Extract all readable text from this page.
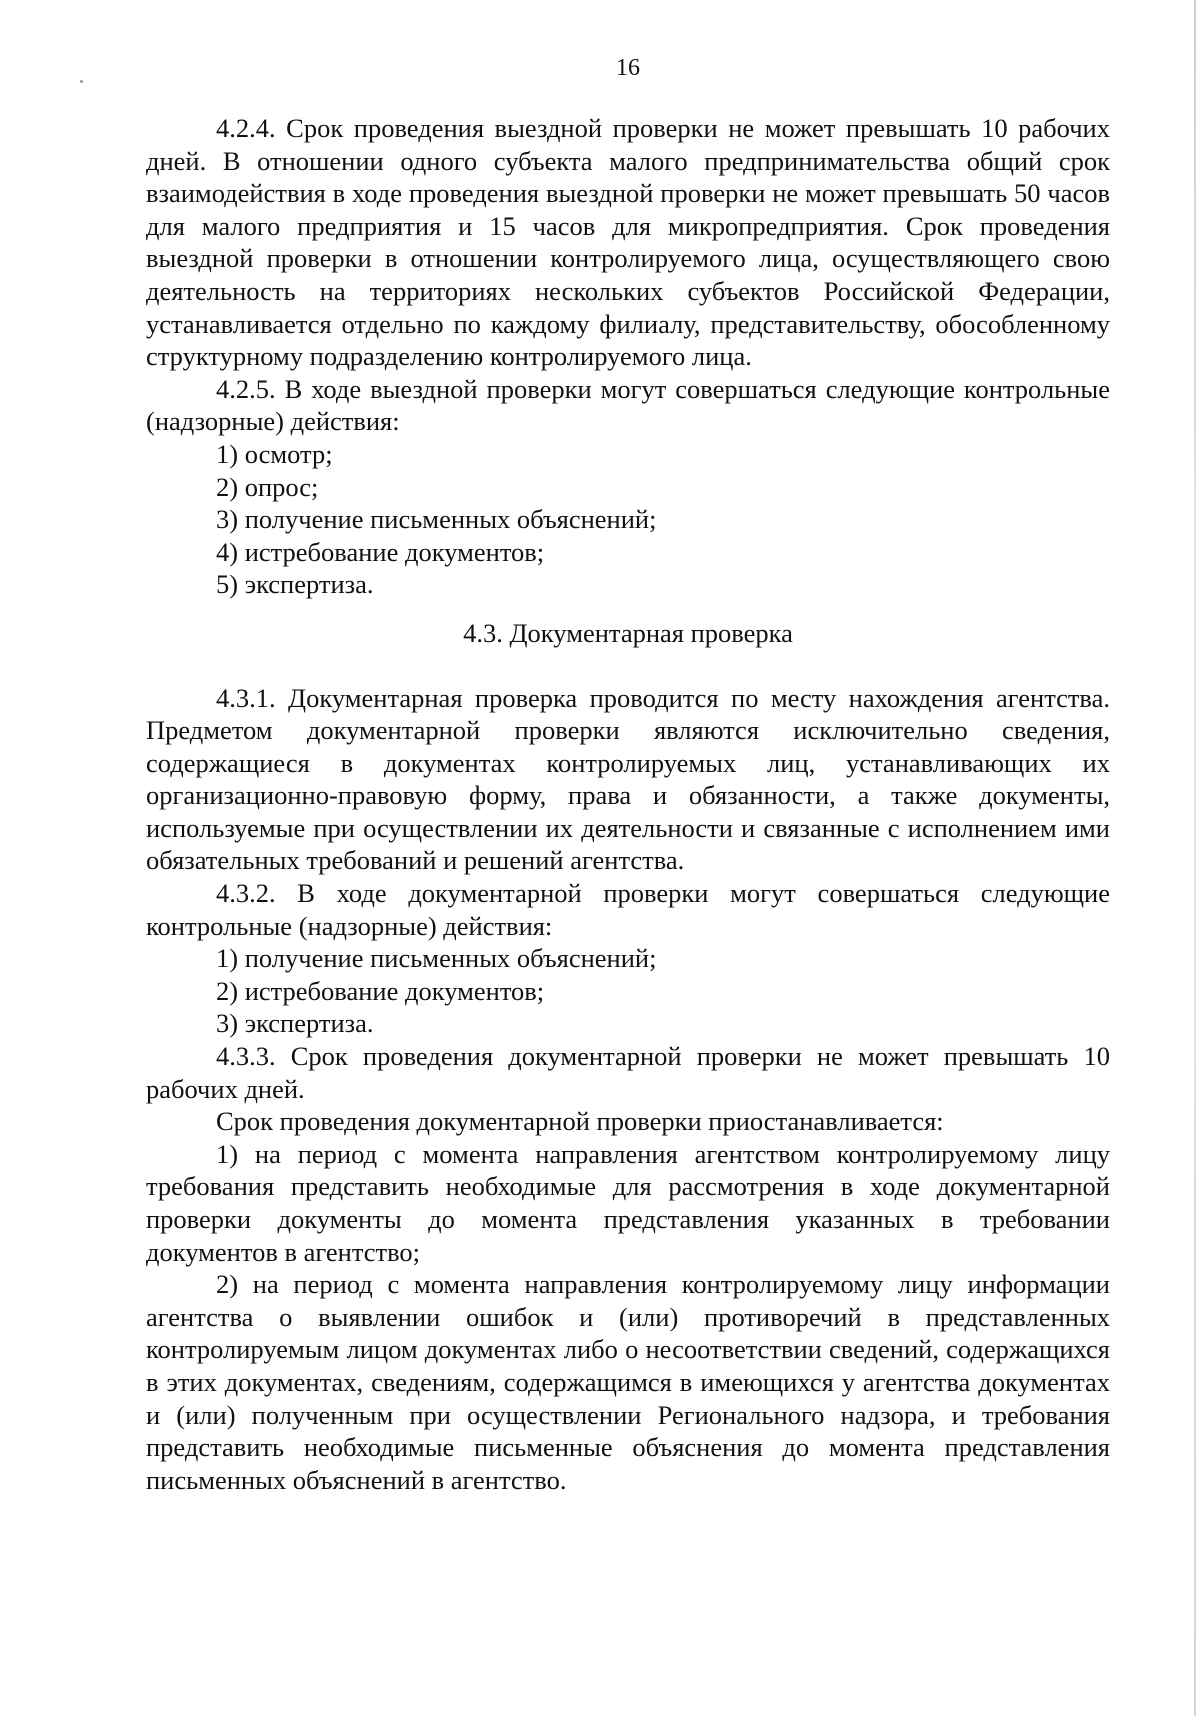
16

4.2.4. Срок проведения выездной проверки не может превышать 10 рабочих дней. В отношении одного субъекта малого предпринимательства общий срок взаимодействия в ходе проведения выездной проверки не может превышать 50 часов для малого предприятия и 15 часов для микропредприятия. Срок проведения выездной проверки в отношении контролируемого лица, осуществляющего свою деятельность на территориях нескольких субъектов Российской Федерации, устанавливается отдельно по каждому филиалу, представительству, обособленному структурному подразделению контролируемого лица.

4.2.5. В ходе выездной проверки могут совершаться следующие контрольные (надзорные) действия:

1) осмотр;

2) опрос;

3) получение письменных объяснений;

4) истребование документов;

5) экспертиза.

4.3. Документарная проверка

4.3.1. Документарная проверка проводится по месту нахождения агентства. Предметом документарной проверки являются исключительно сведения, содержащиеся в документах контролируемых лиц, устанавливающих их организационно-правовую форму, права и обязанности, а также документы, используемые при осуществлении их деятельности и связанные с исполнением ими обязательных требований и решений агентства.

4.3.2. В ходе документарной проверки могут совершаться следующие контрольные (надзорные) действия:

1) получение письменных объяснений;

2) истребование документов;

3) экспертиза.

4.3.3. Срок проведения документарной проверки не может превышать 10 рабочих дней.

Срок проведения документарной проверки приостанавливается:

1) на период с момента направления агентством контролируемому лицу требования представить необходимые для рассмотрения в ходе документарной проверки документы до момента представления указанных в требовании документов в агентство;

2) на период с момента направления контролируемому лицу информации агентства о выявлении ошибок и (или) противоречий в представленных контролируемым лицом документах либо о несоответствии сведений, содержащихся в этих документах, сведениям, содержащимся в имеющихся у агентства документах и (или) полученным при осуществлении Регионального надзора, и требования представить необходимые письменные объяснения до момента представления письменных объяснений в агентство.
